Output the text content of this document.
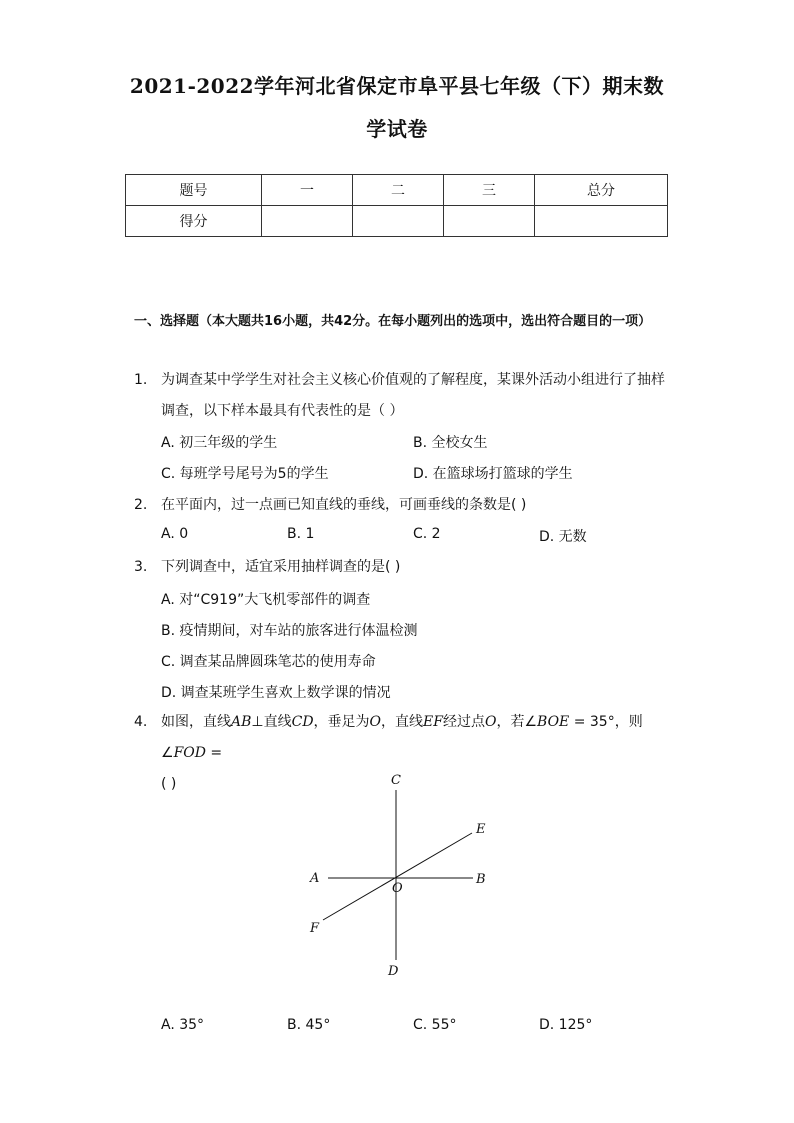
2021-2022学年河北省保定市阜平县七年级（下）期末数
学试卷
题号	一	二	三	总分
得分				
一、选择题（本大题共16小题，共42分。在每小题列出的选项中，选出符合题目的一项）
1. 为调查某中学学生对社会主义核心价值观的了解程度，某课外活动小组进行了抽样调查，以下样本最具有代表性的是（ ）
A. 初三年级的学生	B. 全校女生
C. 每班学号尾号为5的学生	D. 在篮球场打篮球的学生
2. 在平面内，过一点画已知直线的垂线，可画垂线的条数是( )
A. 0	B. 1	C. 2	D. 无数
3. 下列调查中，适宜采用抽样调查的是( )
A. 对“C919”大飞机零部件的调查
B. 疫情期间，对车站的旅客进行体温检测
C. 调查某品牌圆珠笔芯的使用寿命
D. 调查某班学生喜欢上数学课的情况
4. 如图，直线AB⊥直线CD，垂足为O，直线EF经过点O，若∠BOE = 35°，则∠FOD =
( )	C
E
A
O
B
F
D
A. 35°	B. 45°	C. 55°	D. 125°
